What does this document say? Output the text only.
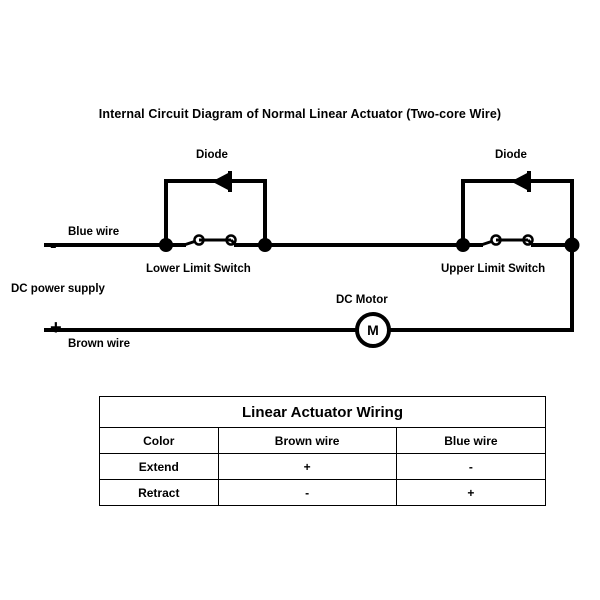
Internal Circuit Diagram of Normal Linear Actuator (Two-core Wire)
M
Diode	Diode
Blue wire
Brown wire
Lower Limit Switch	Upper Limit Switch
DC power supply
DC Motor
-
+
Linear Actuator Wiring		
Color	Brown wire	Blue wire
Extend	+	-
Retract	-	+
